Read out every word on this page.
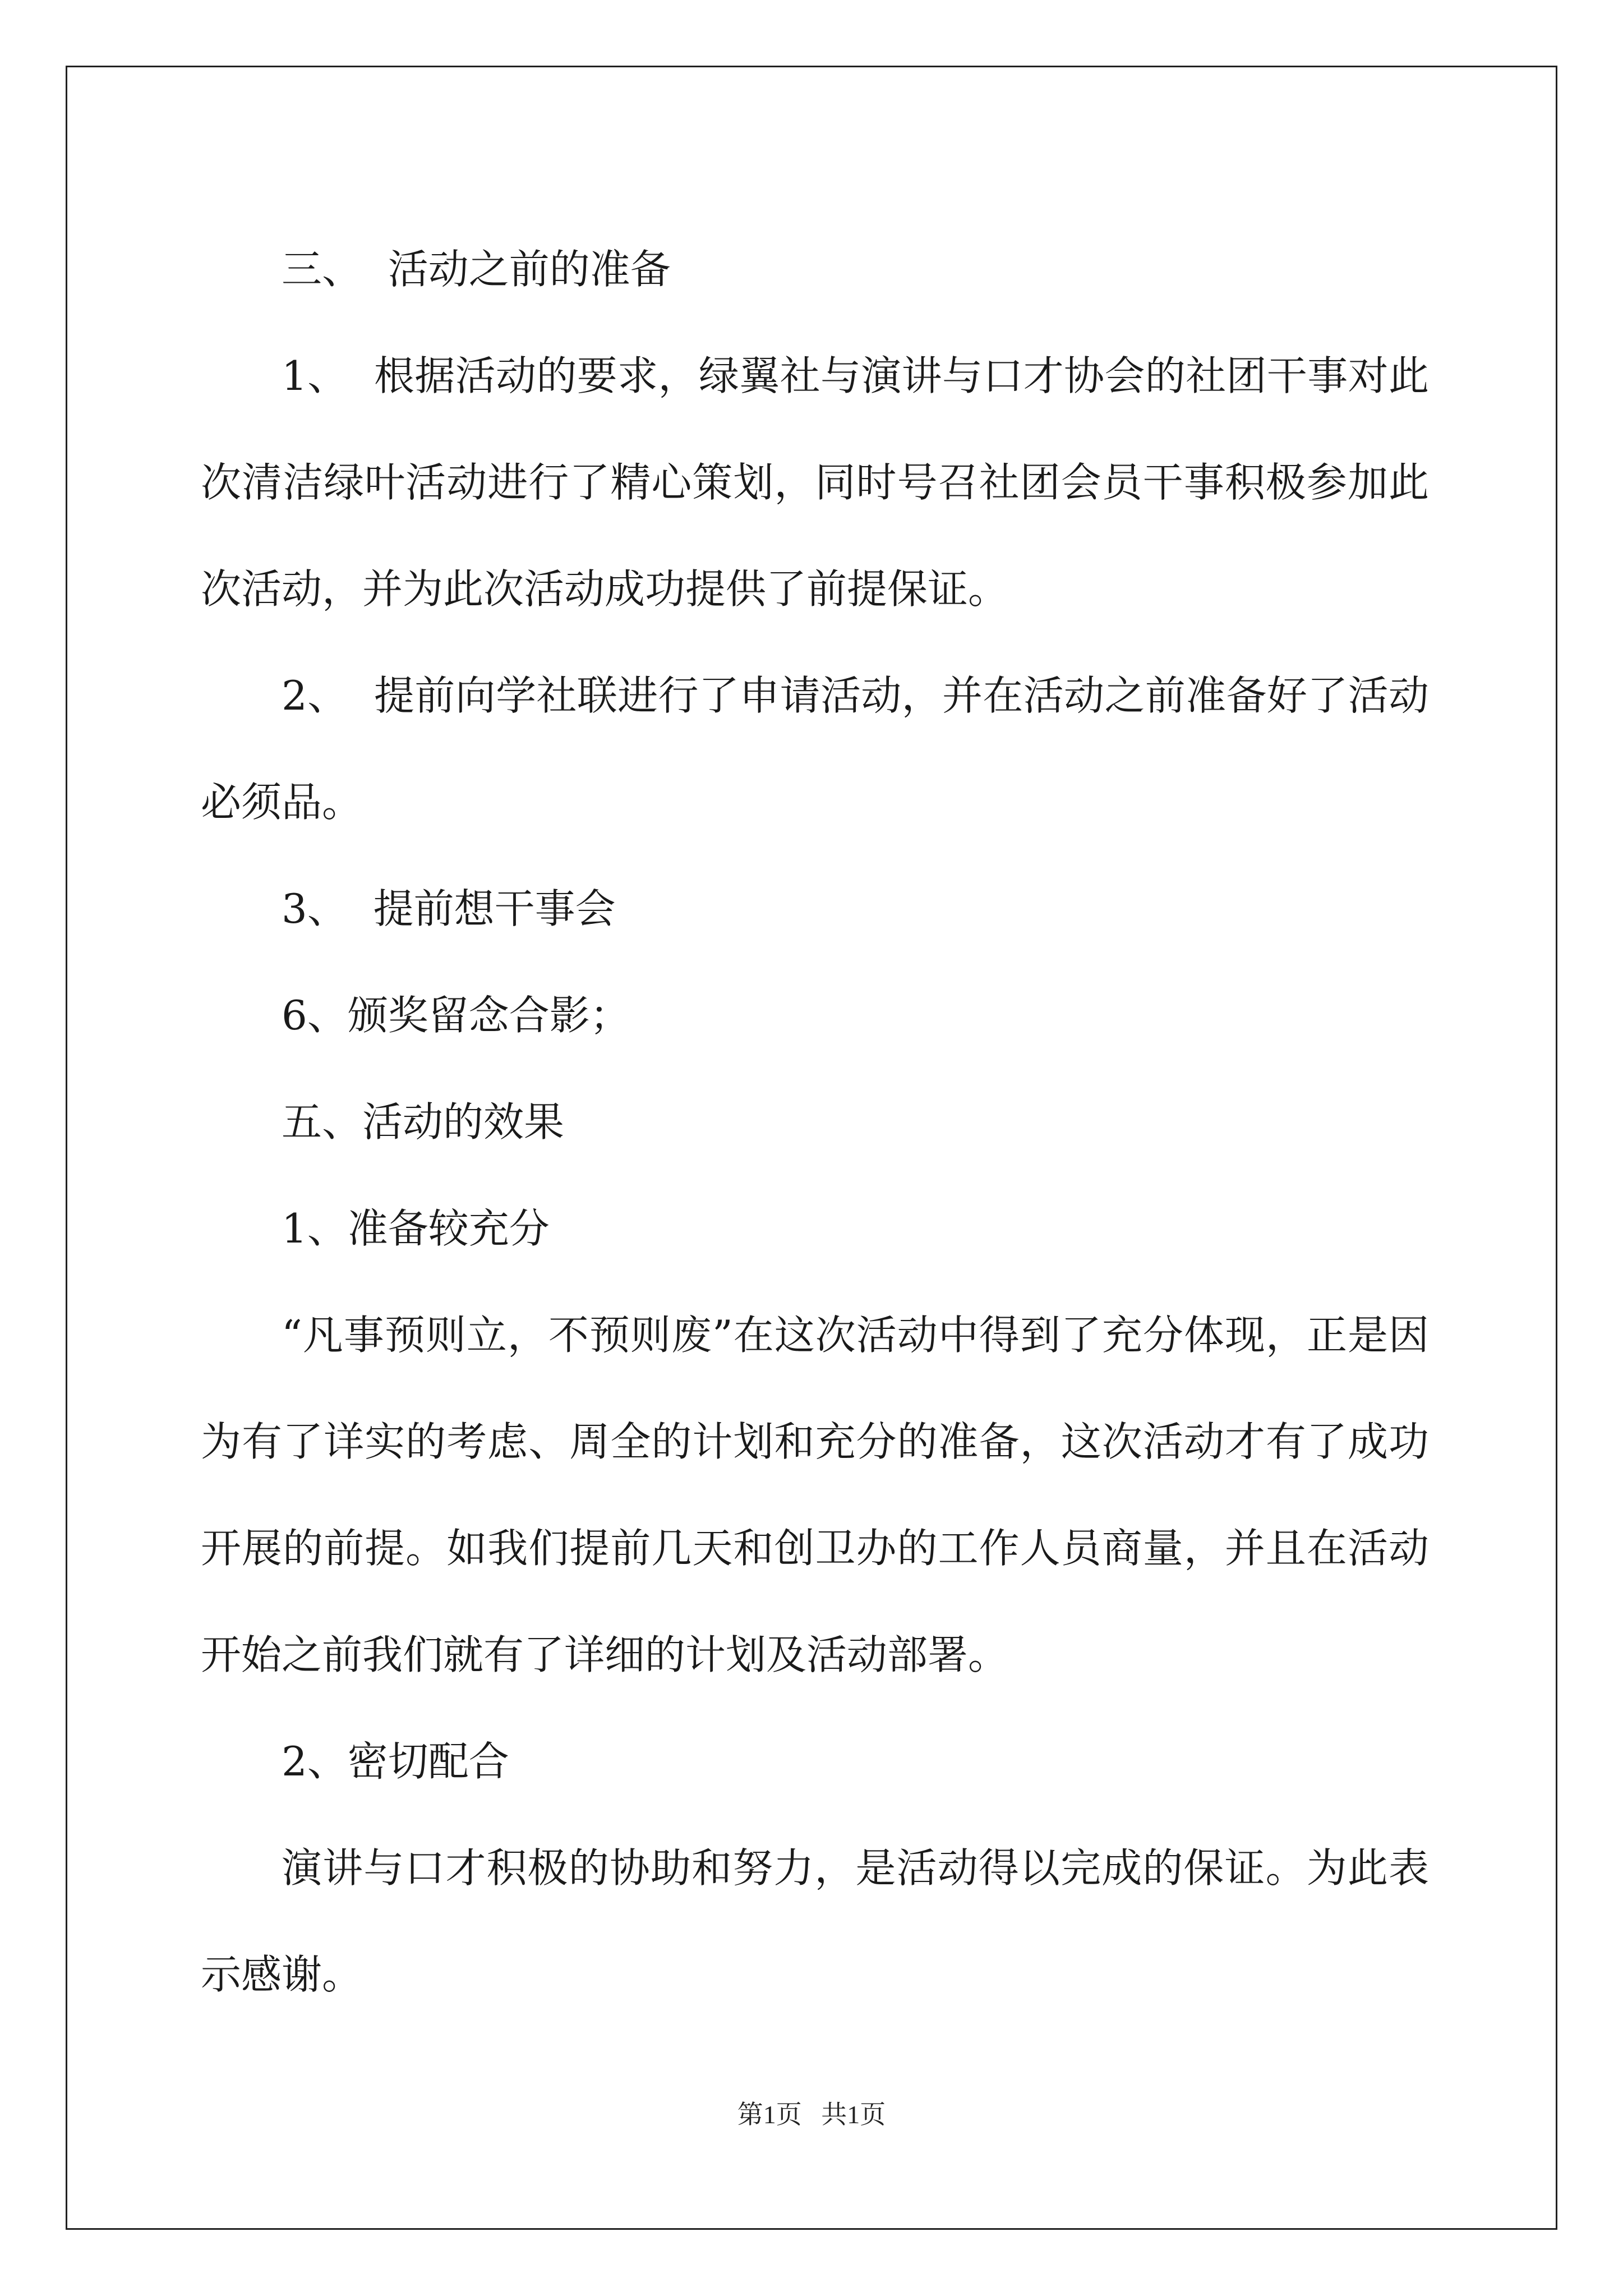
三、  活动之前的准备

1、  根据活动的要求，绿翼社与演讲与口才协会的社团干事对此次清洁绿叶活动进行了精心策划，同时号召社团会员干事积极参加此次活动，并为此次活动成功提供了前提保证。

2、  提前向学社联进行了申请活动，并在活动之前准备好了活动必须品。

3、  提前想干事会

6、颁奖留念合影；

五、活动的效果

1、准备较充分

“凡事预则立，不预则废”在这次活动中得到了充分体现，正是因为有了详实的考虑、周全的计划和充分的准备，这次活动才有了成功开展的前提。如我们提前几天和创卫办的工作人员商量，并且在活动开始之前我们就有了详细的计划及活动部署。

2、密切配合

演讲与口才积极的协助和努力，是活动得以完成的保证。为此表示感谢。

第1页   共1页
